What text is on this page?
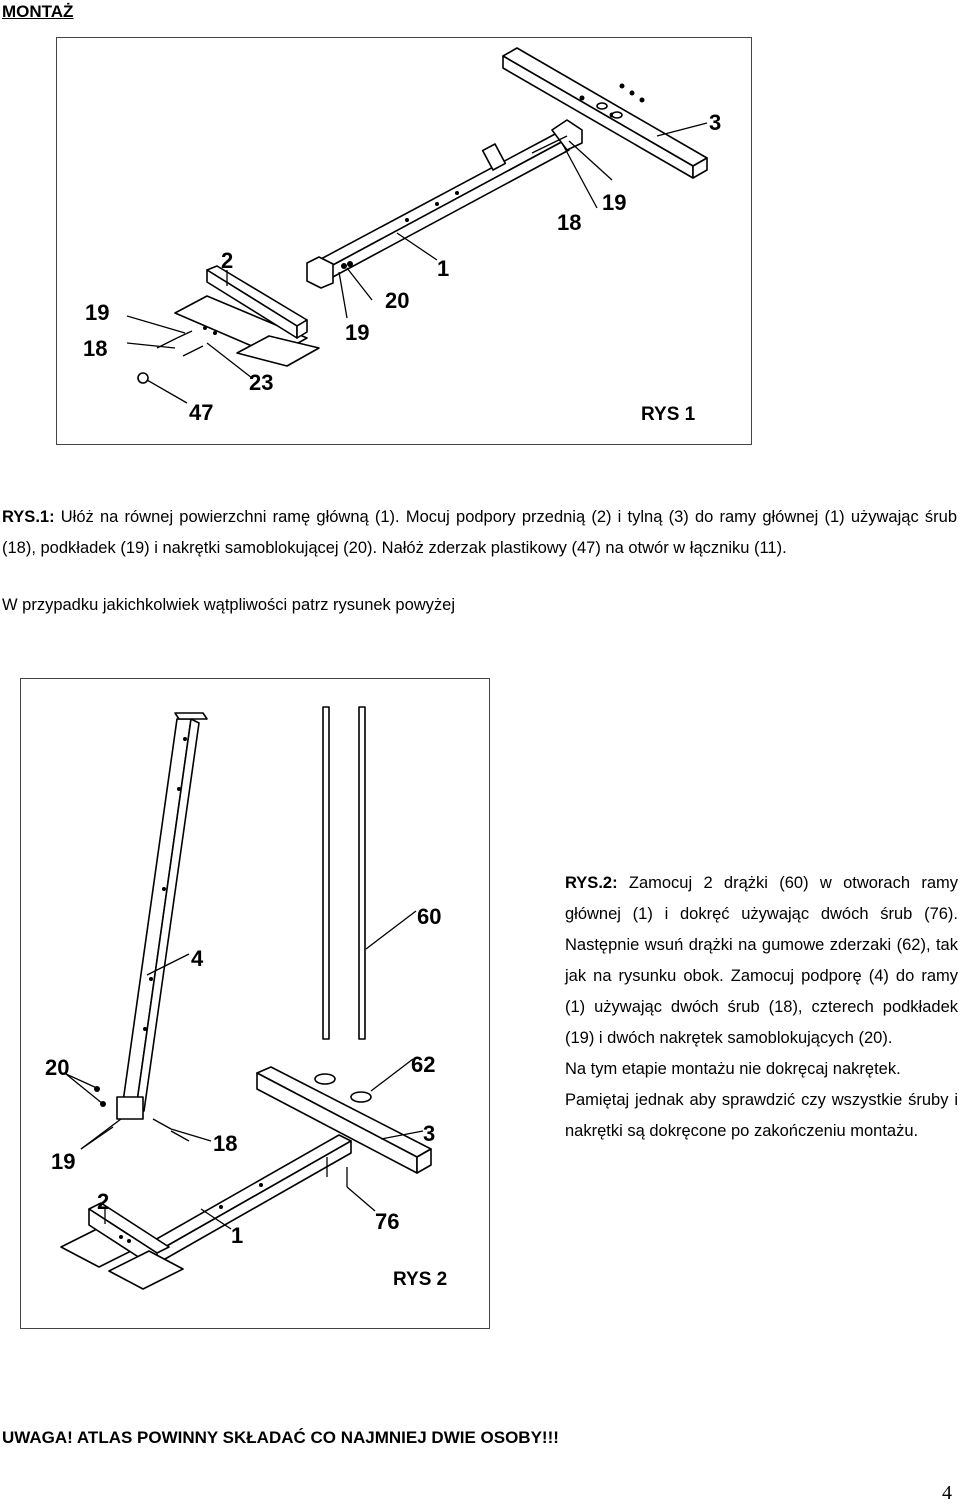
MONTAŻ
3
19
18
1
20
19
2
19
18
23
47	RYS 1
RYS.1: Ułóż na równej powierzchni ramę główną (1). Mocuj podpory przednią (2) i tylną (3) do ramy głównej (1) używając śrub (18), podkładek (19) i nakrętki samoblokującej (20). Nałóż zderzak plastikowy (47) na otwór w łączniku (11).
W przypadku jakichkolwiek wątpliwości patrz rysunek powyżej
60
4
62
20
3
18
19
2
1
76
RYS 2
RYS.2: Zamocuj 2 drążki (60) w otworach ramy głównej (1) i dokręć używając dwóch śrub (76). Następnie wsuń drążki na gumowe zderzaki (62), tak jak na rysunku obok. Zamocuj podporę (4) do ramy (1) używając dwóch śrub (18), czterech podkładek (19) i dwóch nakrętek samoblokujących (20).
Na tym etapie montażu nie dokręcaj nakrętek.
Pamiętaj jednak aby sprawdzić czy wszystkie śruby i nakrętki są dokręcone po zakończeniu montażu.
UWAGA! ATLAS POWINNY SKŁADAĆ CO NAJMNIEJ DWIE OSOBY!!!
4
